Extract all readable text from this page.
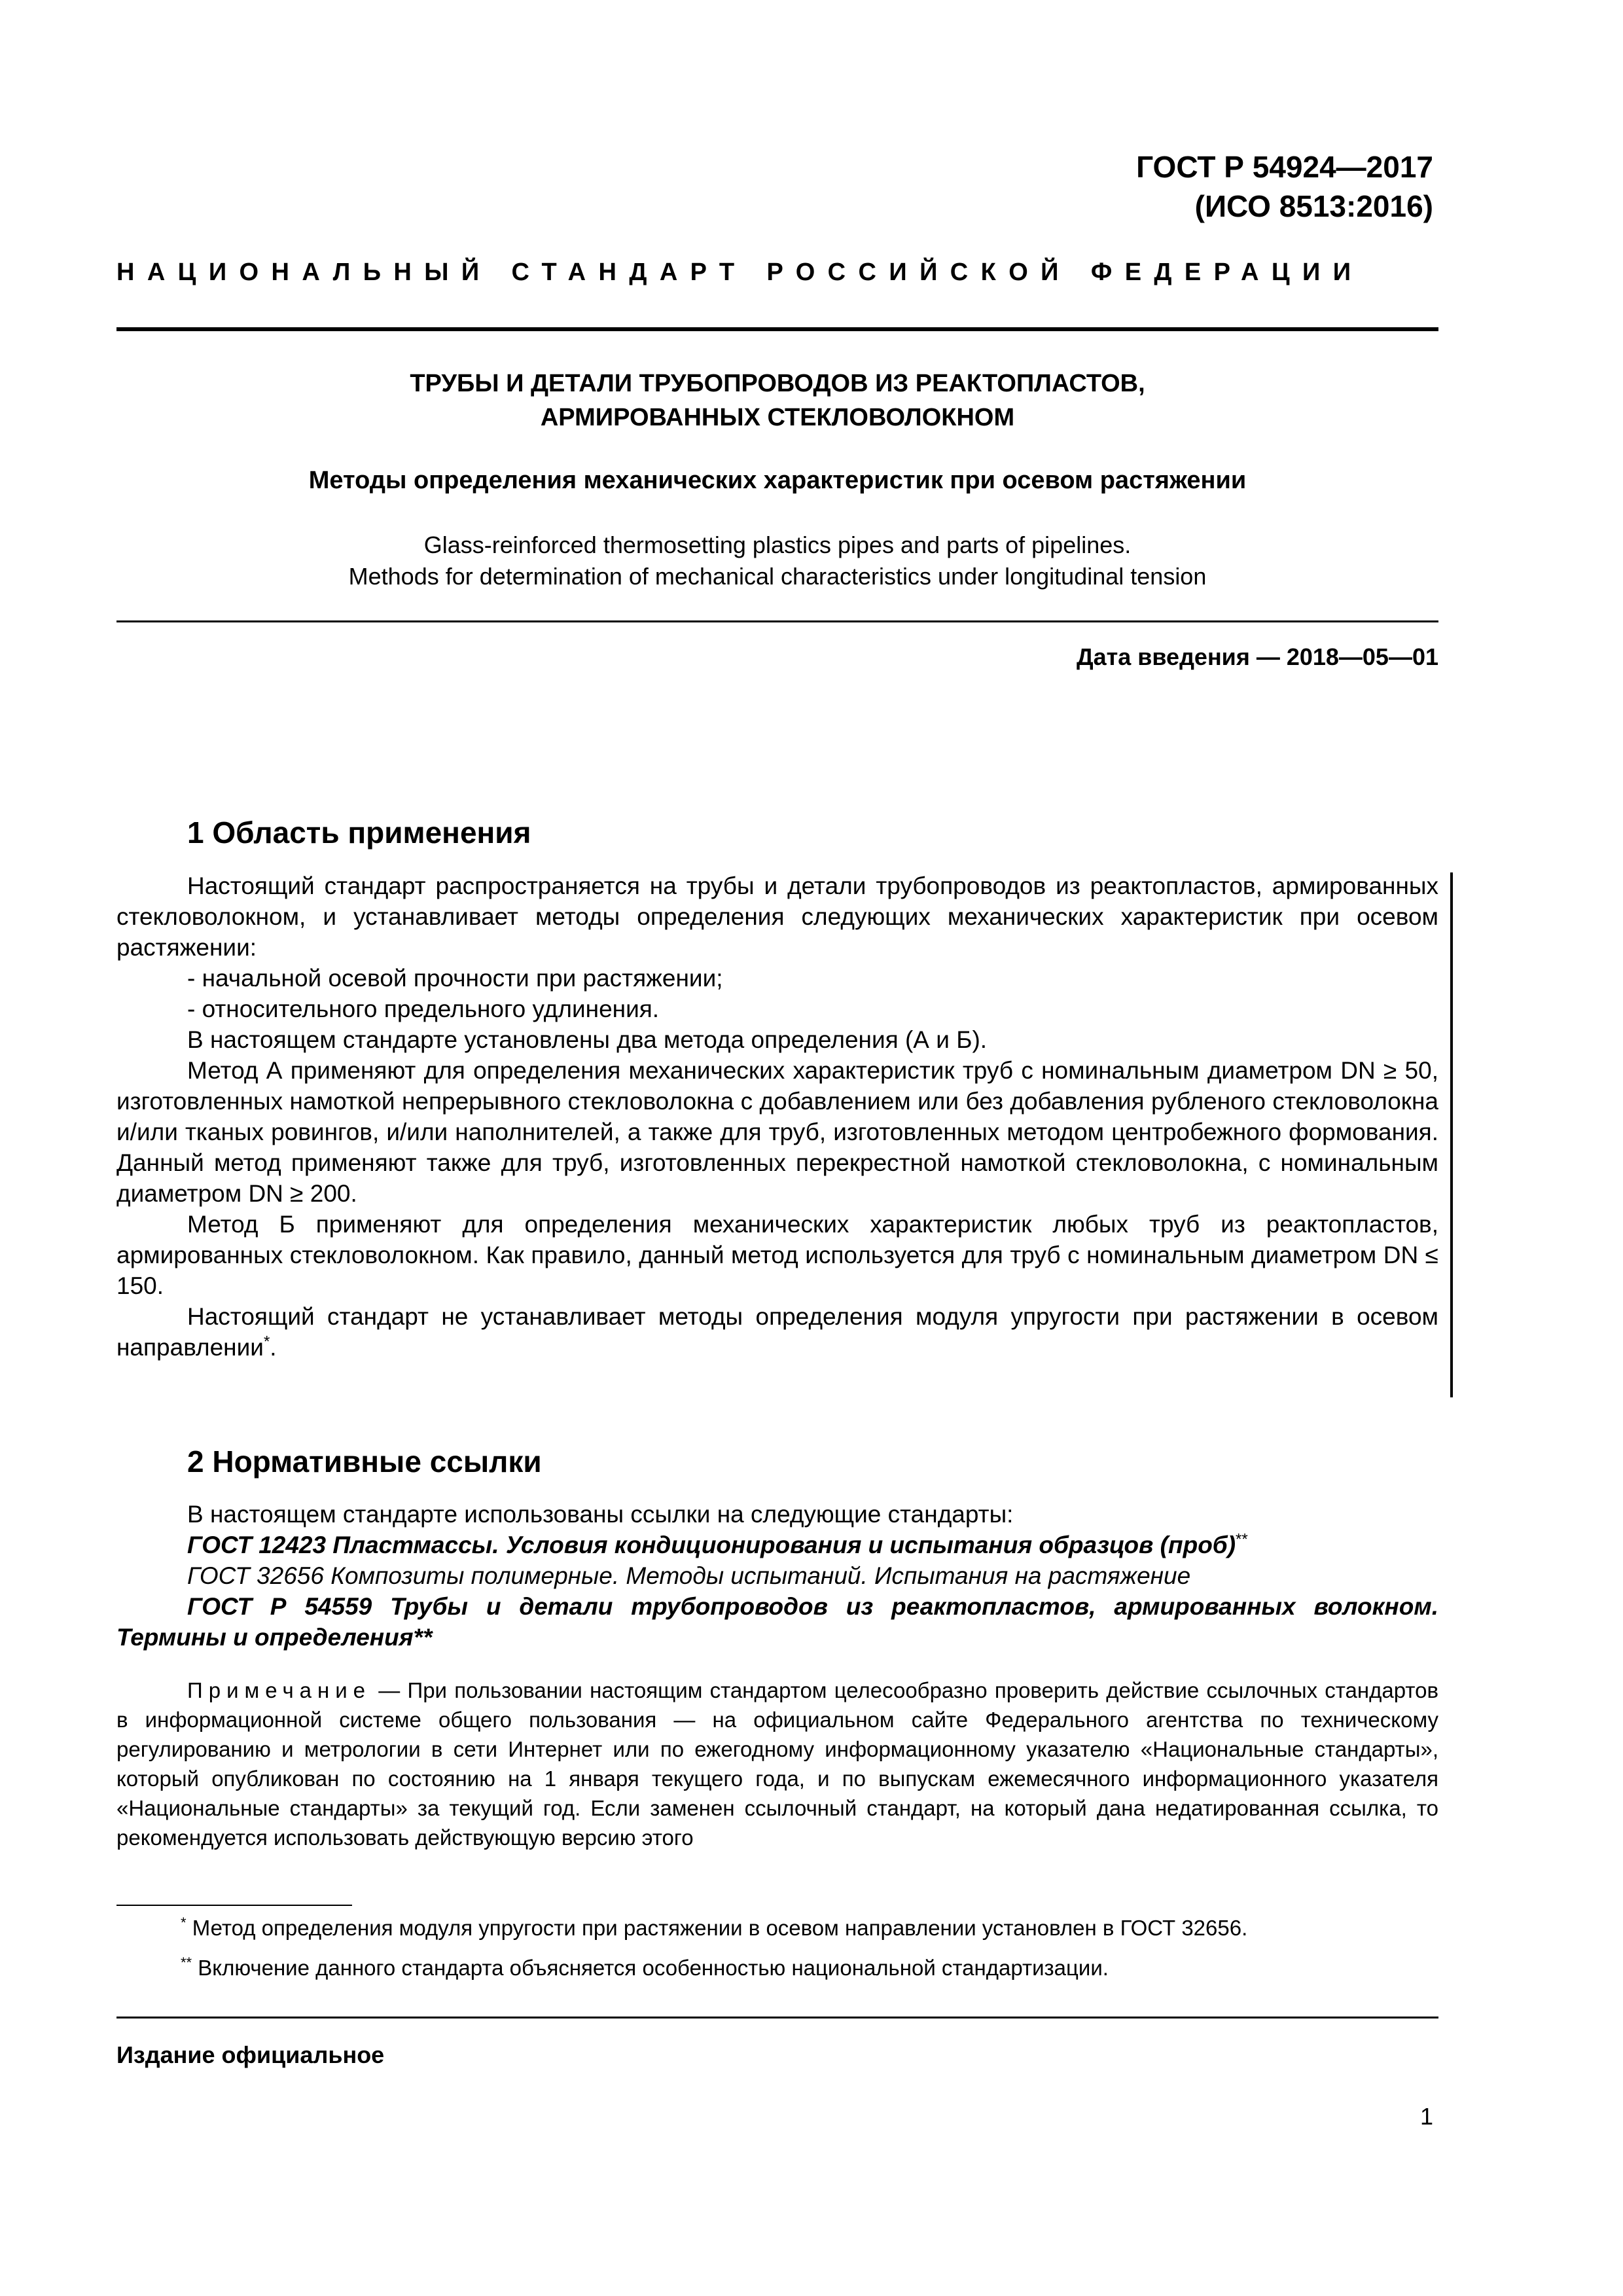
ГОСТ Р 54924—2017
(ИСО 8513:2016)
НАЦИОНАЛЬНЫЙ СТАНДАРТ РОССИЙСКОЙ ФЕДЕРАЦИИ
ТРУБЫ И ДЕТАЛИ ТРУБОПРОВОДОВ ИЗ РЕАКТОПЛАСТОВ,
АРМИРОВАННЫХ СТЕКЛОВОЛОКНОМ
Методы определения механических характеристик при осевом растяжении
Glass-reinforced thermosetting plastics pipes and parts of pipelines.
Methods for determination of mechanical characteristics under longitudinal tension
Дата введения — 2018—05—01
1 Область применения

Настоящий стандарт распространяется на трубы и детали трубопроводов из реактопластов, армированных стекловолокном, и устанавливает методы определения следующих механических характеристик при осевом растяжении:

- начальной осевой прочности при растяжении;

- относительного предельного удлинения.

В настоящем стандарте установлены два метода определения (А и Б).

Метод А применяют для определения механических характеристик труб с номинальным диаметром DN ≥ 50, изготовленных намоткой непрерывного стекловолокна с добавлением или без добавления рубленого стекловолокна и/или тканых ровингов, и/или наполнителей, а также для труб, изготовленных методом центробежного формования. Данный метод применяют также для труб, изготовленных перекрестной намоткой стекловолокна, с номинальным диаметром DN ≥ 200.

Метод Б применяют для определения механических характеристик любых труб из реактопластов, армированных стекловолокном. Как правило, данный метод используется для труб с номинальным диаметром DN ≤ 150.

Настоящий стандарт не устанавливает методы определения модуля упругости при растяжении в осевом направлении*.

2 Нормативные ссылки

В настоящем стандарте использованы ссылки на следующие стандарты:

ГОСТ 12423 Пластмассы. Условия кондиционирования и испытания образцов (проб)**

ГОСТ 32656 Композиты полимерные. Методы испытаний. Испытания на растяжение

ГОСТ Р 54559 Трубы и детали трубопроводов из реактопластов, армированных волокном. Термины и определения**

Примечание — При пользовании настоящим стандартом целесообразно проверить действие ссылочных стандартов в информационной системе общего пользования — на официальном сайте Федерального агентства по техническому регулированию и метрологии в сети Интернет или по ежегодному информационному указателю «Национальные стандарты», который опубликован по состоянию на 1 января текущего года, и по выпускам ежемесячного информационного указателя «Национальные стандарты» за текущий год. Если заменен ссылочный стандарт, на который дана недатированная ссылка, то рекомендуется использовать действующую версию этого

* Метод определения модуля упругости при растяжении в осевом направлении установлен в ГОСТ 32656.
** Включение данного стандарта объясняется особенностью национальной стандартизации.
Издание официальное
1
